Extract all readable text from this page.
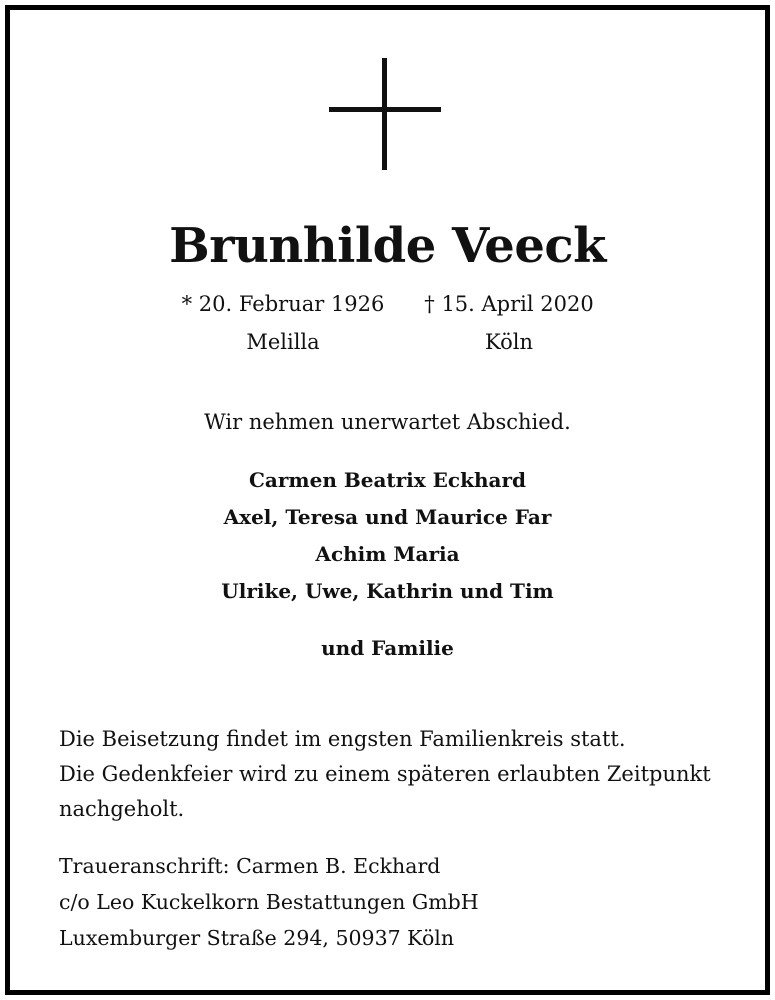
Brunhilde Veeck
* 20. Februar 1926
Melilla
† 15. April 2020
Köln
Wir nehmen unerwartet Abschied.
Carmen Beatrix Eckhard
Axel, Teresa und Maurice Far
Achim Maria
Ulrike, Uwe, Kathrin und Tim
und Familie
Die Beisetzung findet im engsten Familienkreis statt.
Die Gedenkfeier wird zu einem späteren erlaubten Zeitpunkt
nachgeholt.
Traueranschrift: Carmen B. Eckhard
c/o Leo Kuckelkorn Bestattungen GmbH
Luxemburger Straße 294, 50937 Köln
